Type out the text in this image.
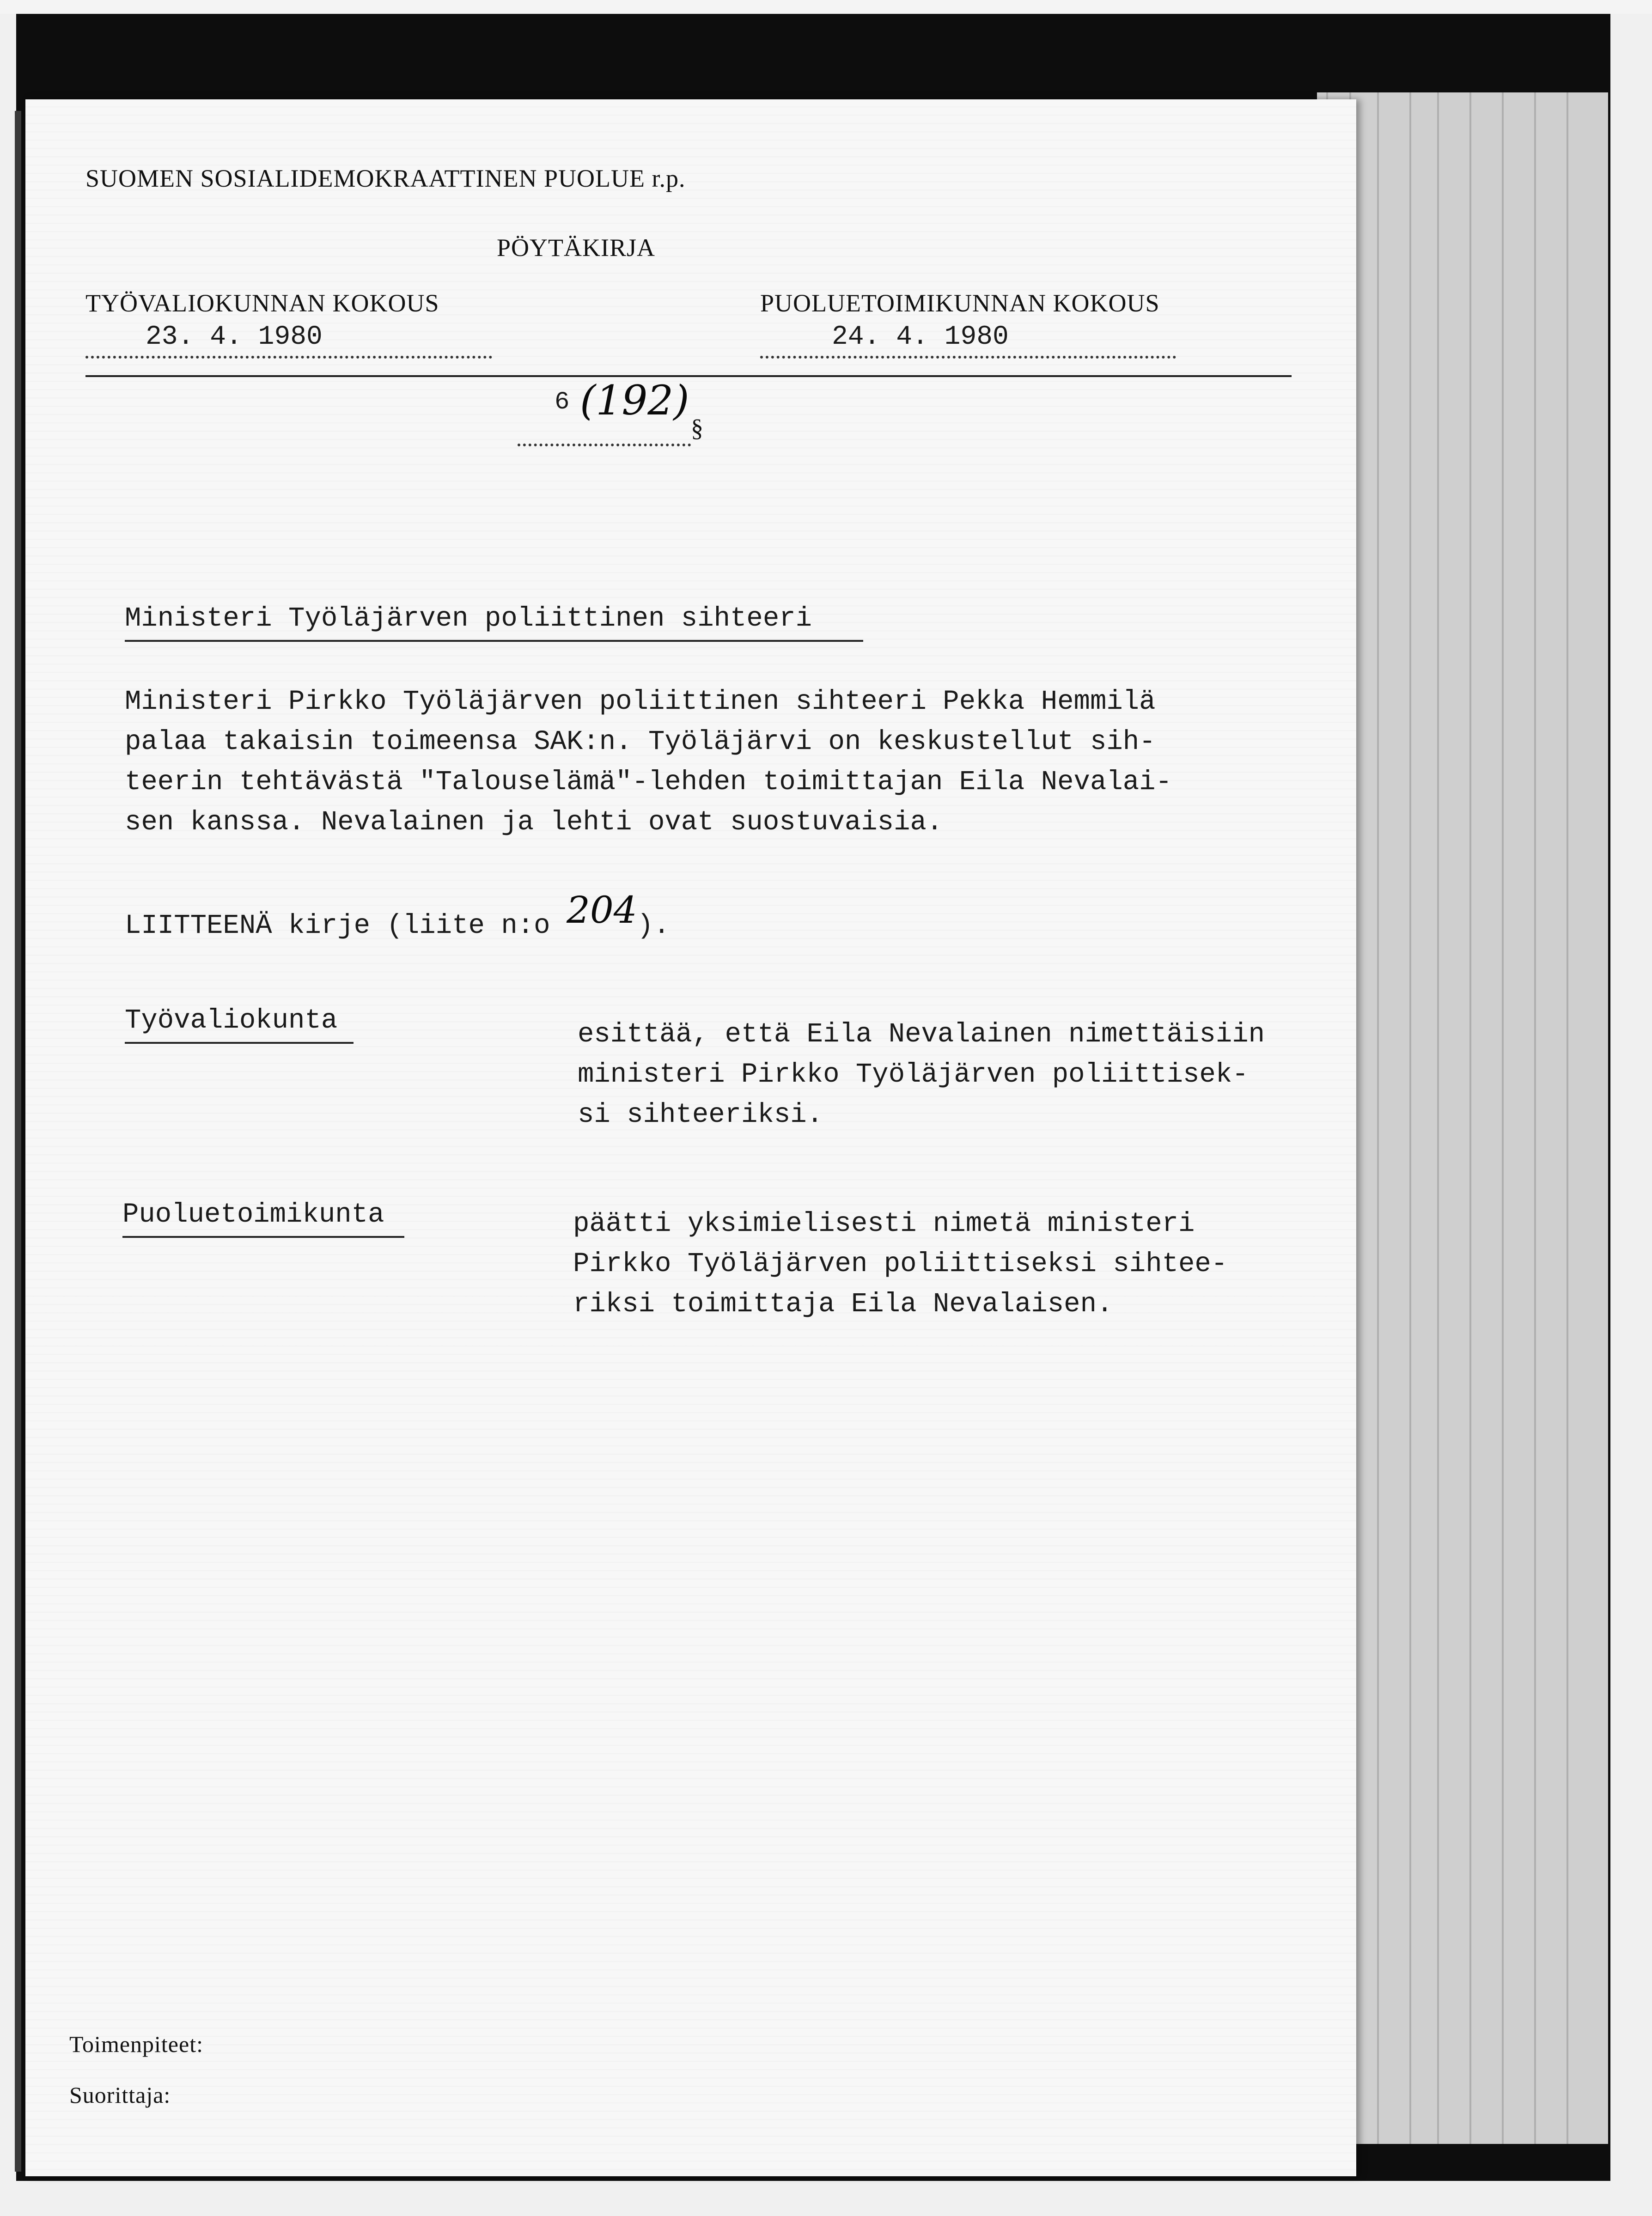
SUOMEN SOSIALIDEMOKRAATTINEN PUOLUE r.p.
PÖYTÄKIRJA
TYÖVALIOKUNNAN KOKOUS
23. 4. 1980
PUOLUETOIMIKUNNAN KOKOUS
24. 4. 1980
6 (192)
§
Ministeri Työläjärven poliittinen sihteeri
Ministeri Pirkko Työläjärven poliittinen sihteeri Pekka Hemmilä
palaa takaisin toimeensa SAK:n. Työläjärvi on keskustellut sih-
teerin tehtävästä "Talouselämä"-lehden toimittajan Eila Nevalai-
sen kanssa. Nevalainen ja lehti ovat suostuvaisia.
LIITTEENÄ kirje (liite n:o 204).
Työvaliokunta	esittää, että Eila Nevalainen nimettäisiin
ministeri Pirkko Työläjärven poliittisek-
si sihteeriksi.
Puoluetoimikunta	päätti yksimielisesti nimetä ministeri
Pirkko Työläjärven poliittiseksi sihtee-
riksi toimittaja Eila Nevalaisen.
Toimenpiteet:
Suorittaja:
